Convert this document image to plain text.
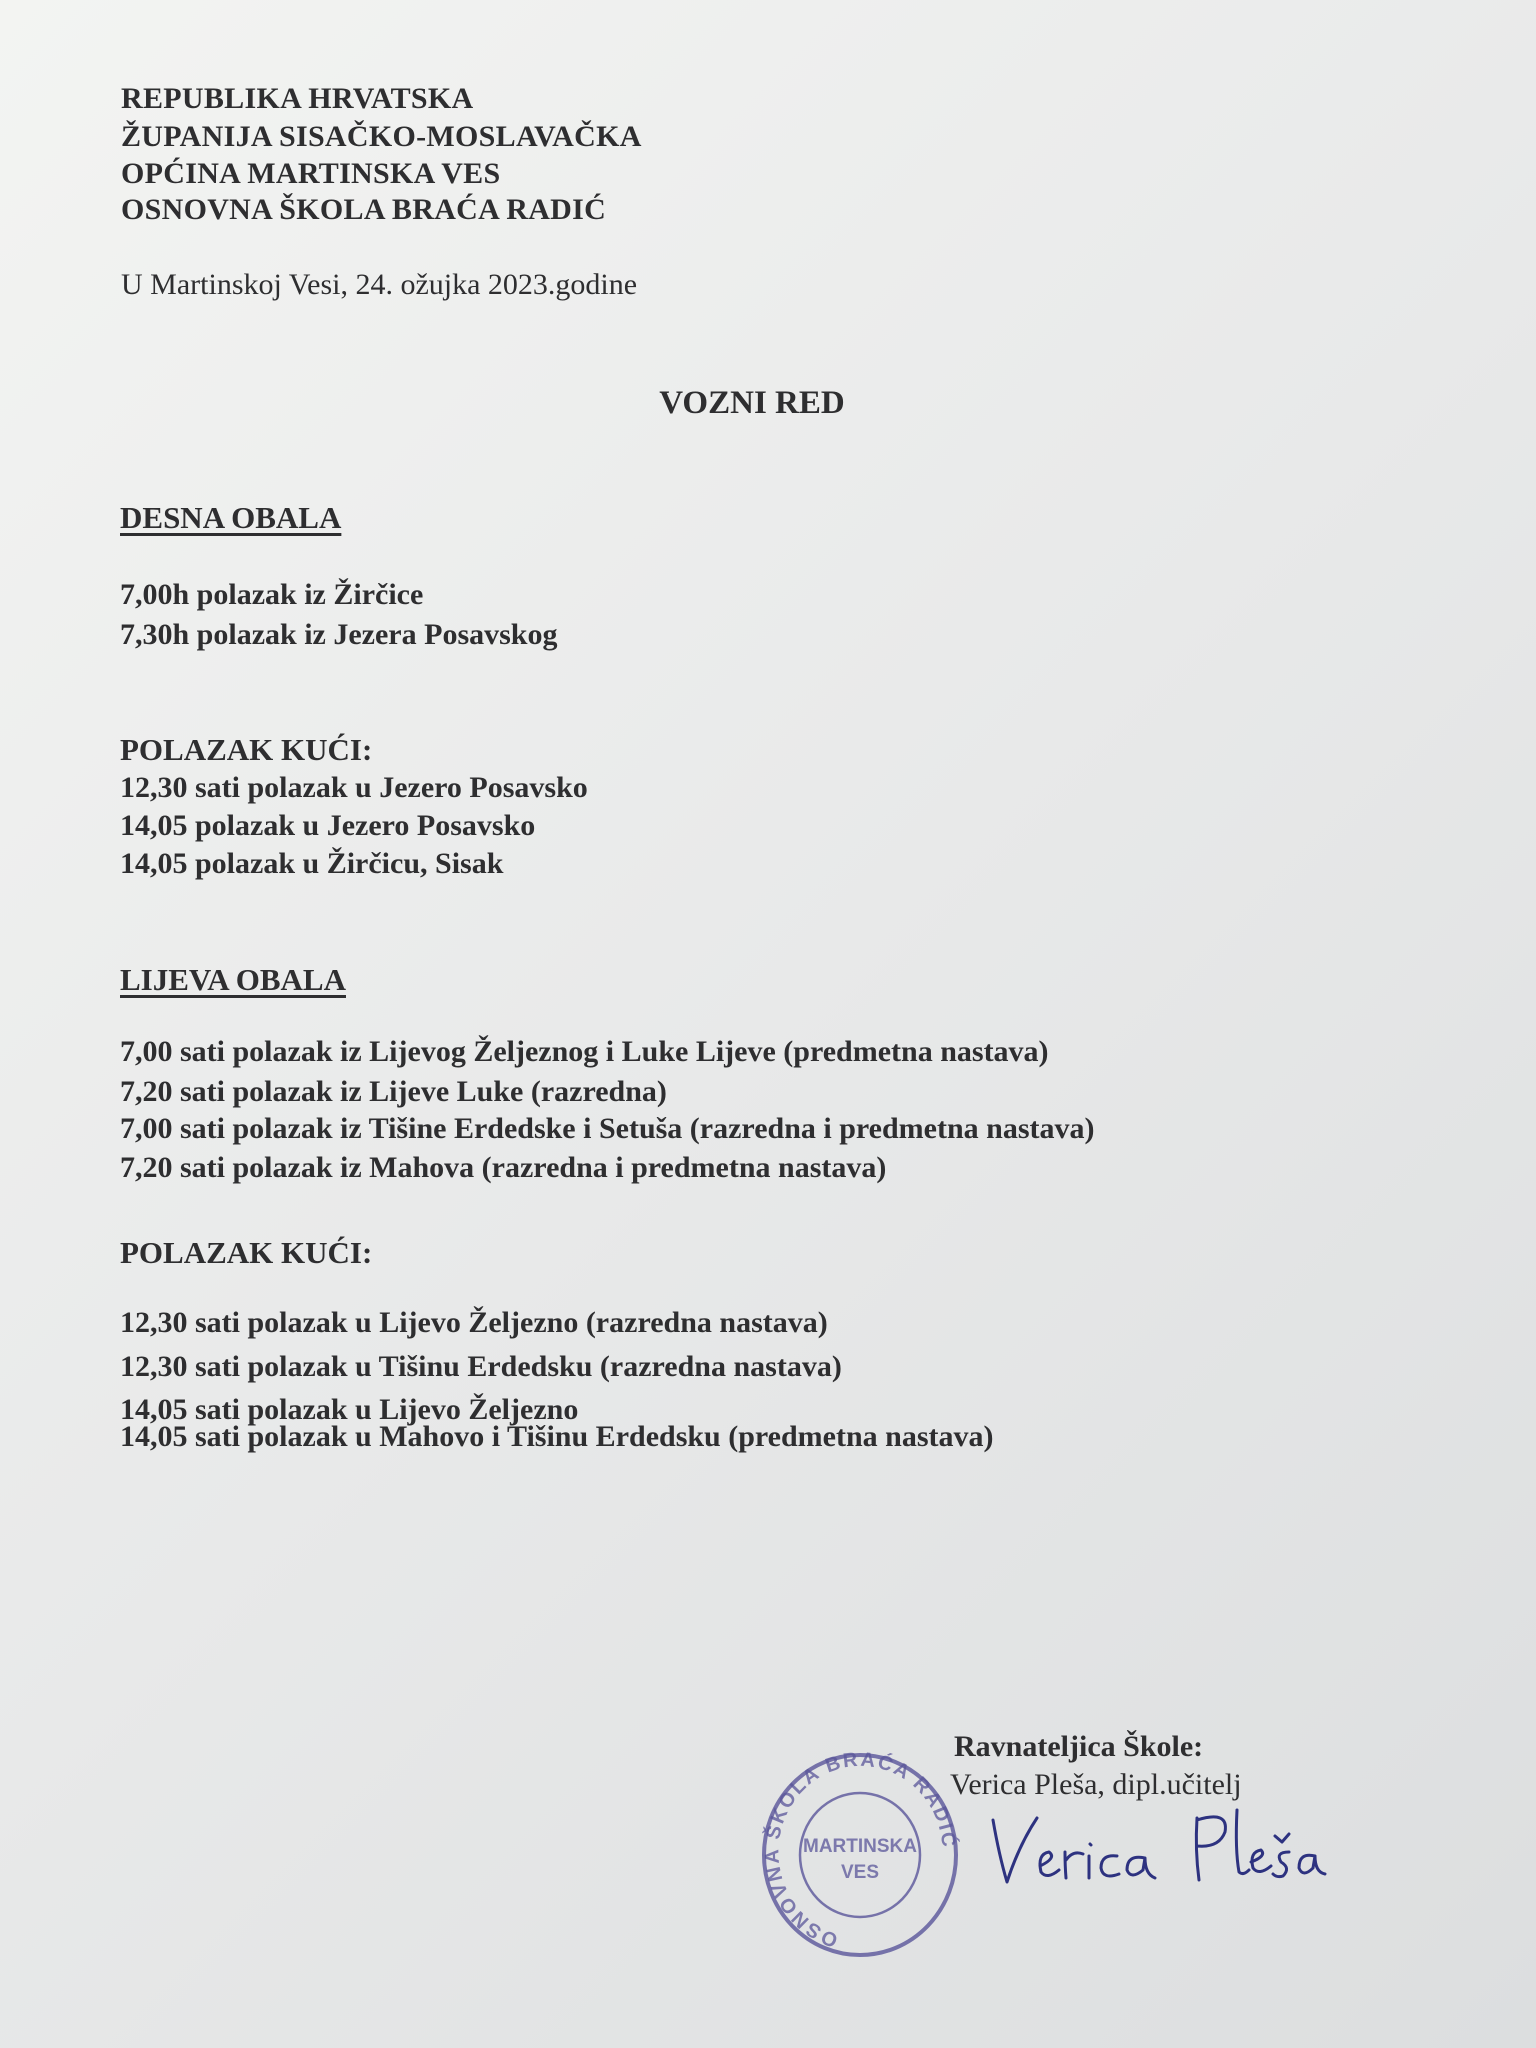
REPUBLIKA HRVATSKA
ŽUPANIJA SISAČKO-MOSLAVAČKA
OPĆINA MARTINSKA VES
OSNOVNA ŠKOLA BRAĆA RADIĆ
U Martinskoj Vesi, 24. ožujka 2023.godine
VOZNI RED
DESNA OBALA
7,00h polazak iz Žirčice
7,30h polazak iz Jezera Posavskog
POLAZAK KUĆI:
12,30 sati polazak u Jezero Posavsko
14,05 polazak u Jezero Posavsko
14,05 polazak u Žirčicu, Sisak
LIJEVA OBALA
7,00 sati polazak iz Lijevog Željeznog i Luke Lijeve (predmetna nastava)
7,20 sati polazak iz Lijeve Luke (razredna)
7,00 sati polazak iz Tišine Erdedske i Setuša (razredna i predmetna nastava)
7,20 sati polazak iz Mahova (razredna i predmetna nastava)
POLAZAK KUĆI:
12,30 sati polazak u Lijevo Željezno (razredna nastava)
12,30 sati polazak u Tišinu Erdedsku (razredna nastava)
14,05 sati polazak u Lijevo Željezno
14,05 sati polazak u Mahovo i Tišinu Erdedsku (predmetna nastava)
OSNOVNA ŠKOLA BRAĆA RADIĆ
MARTINSKA
VES
Ravnateljica Škole:
Verica Pleša, dipl.učitelj
